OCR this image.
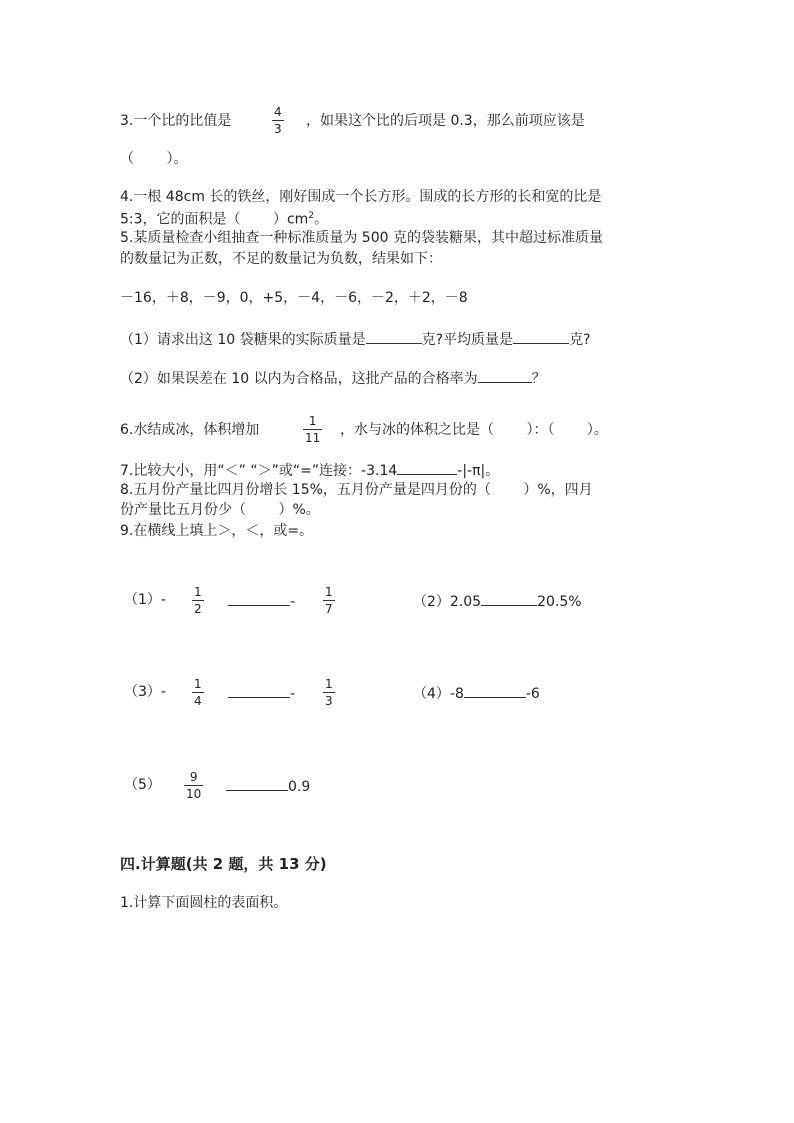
3.一个比的比值是
4
3 ，如果这个比的后项是 0.3，那么前项应该是
（　　 ）。
4.一根 48cm 长的铁丝，刚好围成一个长方形。围成的长方形的长和宽的比是
5:3，它的面积是（　　 ）$cm^2$。
5.某质量检查小组抽查一种标准质量为 500 克的袋装糖果，其中超过标准质量
的数量记为正数，不足的数量记为负数，结果如下：
－16，＋8，－9，0，+5，－4，－6，－2，＋2，－8
（1）请求出这 10 袋糖果的实际质量是	克?平均质量是	克?
（2）如果误差在 10 以内为合格品，这批产品的合格率为	？
6.水结成冰，体积增加
1
11 ，水与冰的体积之比是（　　 ）：（　　 ）。
7.比较大小，用“＜” “＞”或“=”连接：-3.14	-|-π|。
8.五月份产量比四月份增长 15%，五月份产量是四月份的（　　 ）%，四月
份产量比五月份少（　　 ）%。
9.在横线上填上＞，＜，或=。
（1）- 1
2	-
1
7	（2）2.05	20.5%
（3）- 1
4	-
1
3	（4）-8	-6
（5） 9
10	0.9
四.计算题(共 2 题，共 13 分)
1.计算下面圆柱的表面积。
